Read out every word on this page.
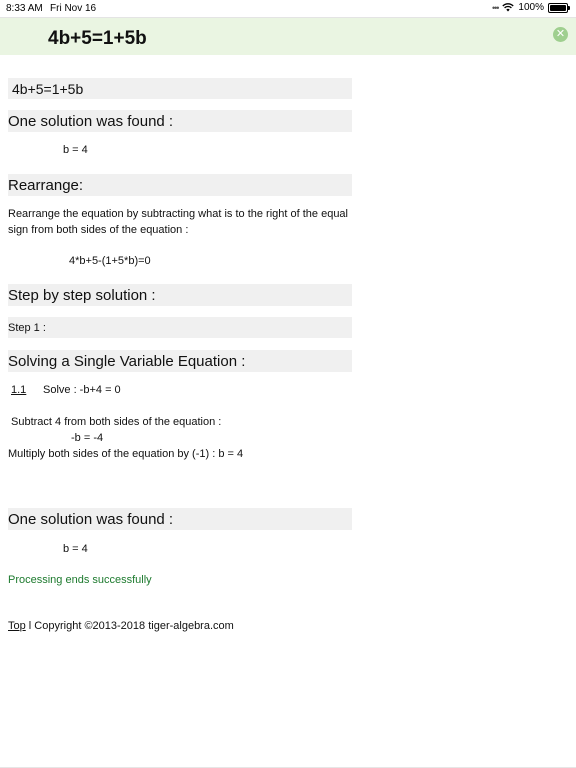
8:33 AM Fri Nov 16	••• 100%
4b+5=1+5b	✕
4b+5=1+5b
One solution was found :
b = 4
Rearrange:
Rearrange the equation by subtracting what is to the right of the equal
sign from both sides of the equation :
4*b+5-(1+5*b)=0
Step by step solution :
Step 1 :
Solving a Single Variable Equation :
1.1 Solve : -b+4 = 0
Subtract 4 from both sides of the equation :
-b = -4
Multiply both sides of the equation by (-1) : b = 4
One solution was found :
b = 4
Processing ends successfully
Top l Copyright ©2013-2018 tiger-algebra.com
